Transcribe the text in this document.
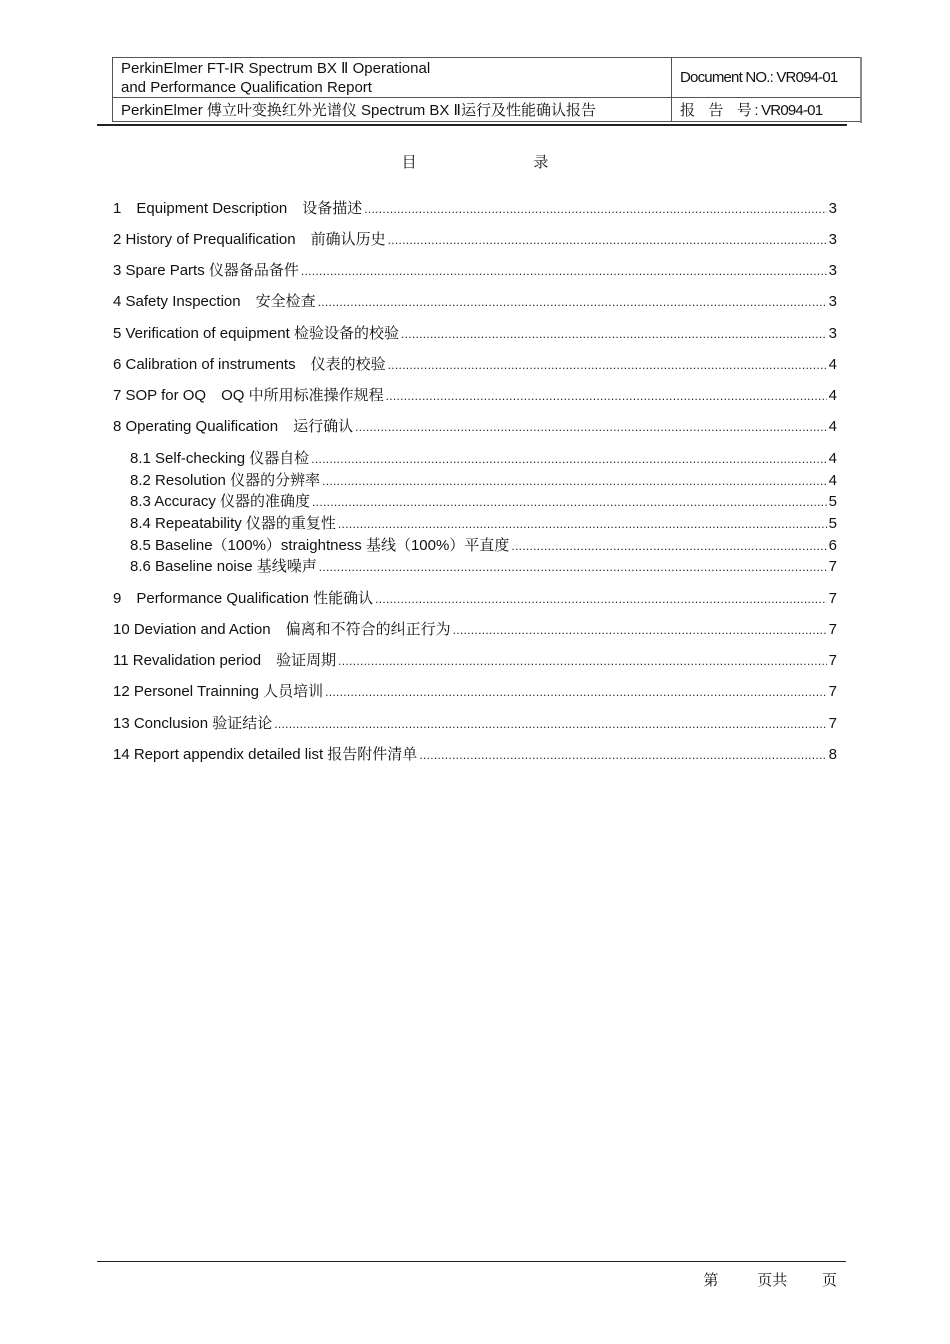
PerkinElmer FT-IR Spectrum BX Ⅱ Operational
and Performance Qualification Report	Document NO.: VR094-01
PerkinElmer 傅立叶变换红外光谱仪 Spectrum BX Ⅱ运行及性能确认报告	报　告　号 : VR094-01
目 录
1　Equipment Description　设备描述 .....	3
2 History of Prequalification　前确认历史 .....	3
3 Spare Parts 仪器备品备件 .....	3
4 Safety Inspection　安全检查 .....	3
5 Verification of equipment 检验设备的校验 .....	3
6 Calibration of instruments　仪表的校验 .....	4
7 SOP for OQ　OQ 中所用标准操作规程 .....	4
8 Operating Qualification　运行确认 .....	4
8.1 Self-checking 仪器自检 .....	4
8.2 Resolution 仪器的分辨率 .....	4
8.3 Accuracy 仪器的准确度 .....	5
8.4 Repeatability 仪器的重复性 .....	5
8.5 Baseline（100%）straightness 基线（100%）平直度 .....	6
8.6 Baseline noise 基线噪声 .....	7
9　Performance Qualification 性能确认 .....	7
10 Deviation and Action　偏离和不符合的纠正行为 .....	7
11 Revalidation period　验证周期 .....	7
12 Personel Trainning 人员培训 .....	7
13 Conclusion 验证结论 .....	7
14 Report appendix detailed list 报告附件清单 .....	8
第	页共 页
